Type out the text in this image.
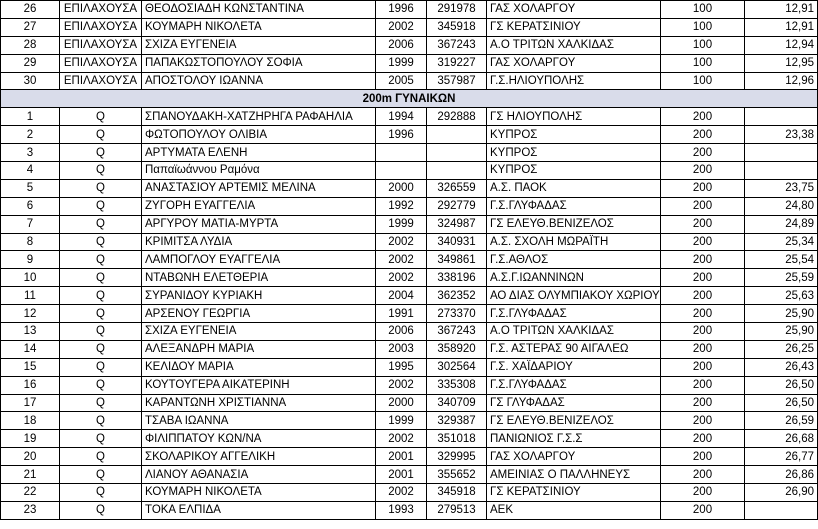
26	ΕΠΙΛΑΧΟΥΣΑ	ΘΕΟΔΟΣΙΑΔΗ ΚΩΝΣΤΑΝΤΙΝΑ	1996	291978	ΓΑΣ ΧΟΛΑΡΓΟΥ	100	12,91
27	ΕΠΙΛΑΧΟΥΣΑ	ΚΟΥΜΑΡΗ ΝΙΚΟΛΕΤΑ	2002	345918	ΓΣ ΚΕΡΑΤΣΙΝΙΟΥ	100	12,91
28	ΕΠΙΛΑΧΟΥΣΑ	ΣΧΙΖΑ ΕΥΓΕΝΕΙΑ	2006	367243	Α.Ο ΤΡΙΤΩΝ ΧΑΛΚΙΔΑΣ	100	12,94
29	ΕΠΙΛΑΧΟΥΣΑ	ΠΑΠΑΚΩΣΤΟΠΟΥΛΟΥ ΣΟΦΙΑ	1999	319227	ΓΑΣ ΧΟΛΑΡΓΟΥ	100	12,95
30	ΕΠΙΛΑΧΟΥΣΑ	ΑΠΟΣΤΟΛΟΥ ΙΩΑΝΝΑ	2005	357987	Γ.Σ.ΗΛΙΟΥΠΟΛΗΣ	100	12,96
200m ΓΥΝΑΙΚΩΝ							
1	Q	ΣΠΑΝΟΥΔΑΚΗ-ΧΑΤΖΗΡΗΓΑ ΡΑΦΑΗΛΙΑ	1994	292888	ΓΣ ΗΛΙΟΥΠΟΛΗΣ	200	
2	Q	ΦΩΤΟΠΟΥΛΟΥ ΟΛΙΒΙΑ	1996		ΚΥΠΡΟΣ	200	23,38
3	Q	ΑΡΤΥΜΑΤΑ ΕΛΕΝΗ			ΚΥΠΡΟΣ	200	
4	Q	Παπαϊωάννου Ραμόνα			ΚΥΠΡΟΣ	200	
5	Q	ΑΝΑΣΤΑΣΙΟΥ ΑΡΤΕΜΙΣ ΜΕΛΙΝΑ	2000	326559	Α.Σ. ΠΑΟΚ	200	23,75
6	Q	ΖΥΓΟΡΗ ΕΥΑΓΓΕΛΙΑ	1992	292779	Γ.Σ.ΓΛΥΦΑΔΑΣ	200	24,80
7	Q	ΑΡΓΥΡΟΥ ΜΑΤΙΑ-ΜΥΡΤΑ	1999	324987	ΓΣ ΕΛΕΥΘ.ΒΕΝΙΖΕΛΟΣ	200	24,89
8	Q	ΚΡΙΜΙΤΣΑ ΛΥΔΙΑ	2002	340931	Α.Σ. ΣΧΟΛΗ ΜΩΡΑΪΤΗ	200	25,34
9	Q	ΛΑΜΠΟΓΛΟΥ ΕΥΑΓΓΕΛΙΑ	2002	349861	Γ.Σ.ΑΘΛΟΣ	200	25,54
10	Q	ΝΤΑΒΩΝΗ ΕΛΕΤΘΕΡΙΑ	2002	338196	Α.Σ.Γ.ΙΩΑΝΝΙΝΩΝ	200	25,59
11	Q	ΣΥΡΑΝΙΔΟΥ ΚΥΡΙΑΚΗ	2004	362352	ΑΟ ΔΙΑΣ ΟΛΥΜΠΙΑΚΟΥ ΧΩΡΙΟΥ	200	25,63
12	Q	ΑΡΣΕΝΟΥ ΓΕΩΡΓΙΑ	1991	273370	Γ.Σ.ΓΛΥΦΑΔΑΣ	200	25,90
13	Q	ΣΧΙΖΑ ΕΥΓΕΝΕΙΑ	2006	367243	Α.Ο ΤΡΙΤΩΝ ΧΑΛΚΙΔΑΣ	200	25,90
14	Q	ΑΛΕΞΑΝΔΡΗ ΜΑΡΙΑ	2003	358920	Γ.Σ. ΑΣΤΕΡΑΣ 90 ΑΙΓΑΛΕΩ	200	26,25
15	Q	ΚΕΛΙΔΟΥ ΜΑΡΙΑ	1995	302564	Γ.Σ. ΧΑΪΔΑΡΙΟΥ	200	26,43
16	Q	ΚΟΥΤΟΥΓΕΡΑ ΑΙΚΑΤΕΡΙΝΗ	2002	335308	Γ.Σ.ΓΛΥΦΑΔΑΣ	200	26,50
17	Q	ΚΑΡΑΝΤΩΝΗ ΧΡΙΣΤΙΑΝΝΑ	2000	340709	ΓΣ ΓΛΥΦΑΔΑΣ	200	26,50
18	Q	ΤΣΑΒΑ ΙΩΑΝΝΑ	1999	329387	ΓΣ ΕΛΕΥΘ.ΒΕΝΙΖΕΛΟΣ	200	26,59
19	Q	ΦΙΛΙΠΠΑΤΟΥ ΚΩΝ/ΝΑ	2002	351018	ΠΑΝΙΩΝΙΟΣ Γ.Σ.Σ	200	26,68
20	Q	ΣΚΟΛΑΡΙΚΟΥ ΑΓΓΕΛΙΚΗ	2001	329995	ΓΑΣ ΧΟΛΑΡΓΟΥ	200	26,77
21	Q	ΛΙΑΝΟΥ ΑΘΑΝΑΣΙΑ	2001	355652	ΑΜΕΙΝΙΑΣ Ο ΠΑΛΛΗΝΕΥΣ	200	26,86
22	Q	ΚΟΥΜΑΡΗ ΝΙΚΟΛΕΤΑ	2002	345918	ΓΣ ΚΕΡΑΤΣΙΝΙΟΥ	200	26,90
23	Q	ΤΟΚΑ ΕΛΠΙΔΑ	1993	279513	ΑΕΚ	200	
